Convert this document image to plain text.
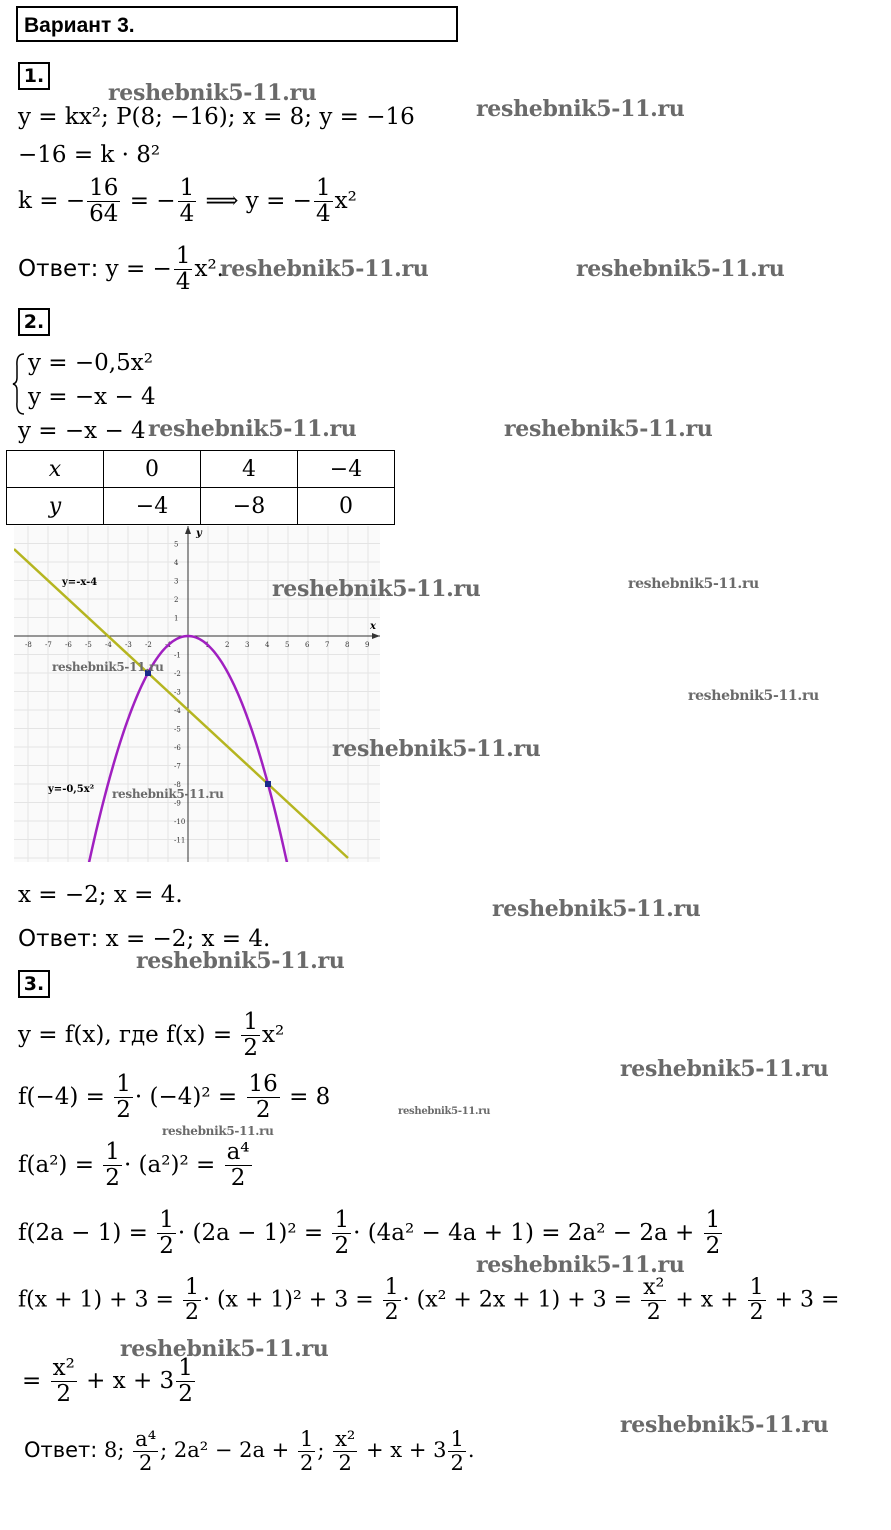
Вариант 3.
1.
y = kx²; P(8; −16); x = 8; y = −16
−16 = k · 8²
k = − $\frac{16}{64}$ = − $\frac{1}{4}$ ⟹ y = − $\frac{1}{4} x^2$
Ответ: y = − $\frac{1}{4} x^2$.
2.
y = −0,5x²
y = −x − 4
y = −x − 4
x	0	4	−4
y	−4	−8	0
x
y
-8 -7 -6 -5 -4 -3 -2 -1	1 2 3 4 5 6 7 8 9
5
4
3
2
1
-1
-2
-3
-4
-5
-6
-7
-8
-9
-10
-11
y=-x-4
y=-0,5x²
x = −2; x = 4.
Ответ: x = −2; x = 4.
3.
y = f(x), где $f(x) = \frac{1}{2} x^2$
$f(-4) = \frac{1}{2} \cdot (-4)^2 = \frac{16}{2} = 8$
$f(a^2) = \frac{1}{2} \cdot (a^2)^2 = \frac{\text{a⁴}}{2}$
$f(2a - 1) = \frac{1}{2} \cdot (2a - 1)^2 = \frac{1}{2} \cdot (4a^2 - 4a + 1) = 2a^2 - 2a + \frac{1}{2}$
$f(x + 1) + 3 = \frac{1}{2} \cdot (x + 1)^2 + 3 = \frac{1}{2} \cdot (x^2 + 2x + 1) + 3 = \frac{\text{x²}}{2} + x + \frac{1}{2} + 3$ =
= $\frac{\text{x²}}{2} + x + 3 \frac{1}{2}$
Ответ: 8; $\frac{\text{a⁴}}{2}$ ; $2a^2 - 2a + \frac{1}{2}$ ; $\frac{\text{x²}}{2} + x + 3 \frac{1}{2}$ .
reshebnik5-11.ru
reshebnik5-11.ru
reshebnik5-11.ru	reshebnik5-11.ru
reshebnik5-11.ru	reshebnik5-11.ru
reshebnik5-11.ru	reshebnik5-11.ru
reshebnik5-11.ru
reshebnik5-11.ru
reshebnik5-11.ru
reshebnik5-11.ru
reshebnik5-11.ru
reshebnik5-11.ru
reshebnik5-11.ru
reshebnik5-11.ru
reshebnik5-11.ru
reshebnik5-11.ru
reshebnik5-11.ru
reshebnik5-11.ru
